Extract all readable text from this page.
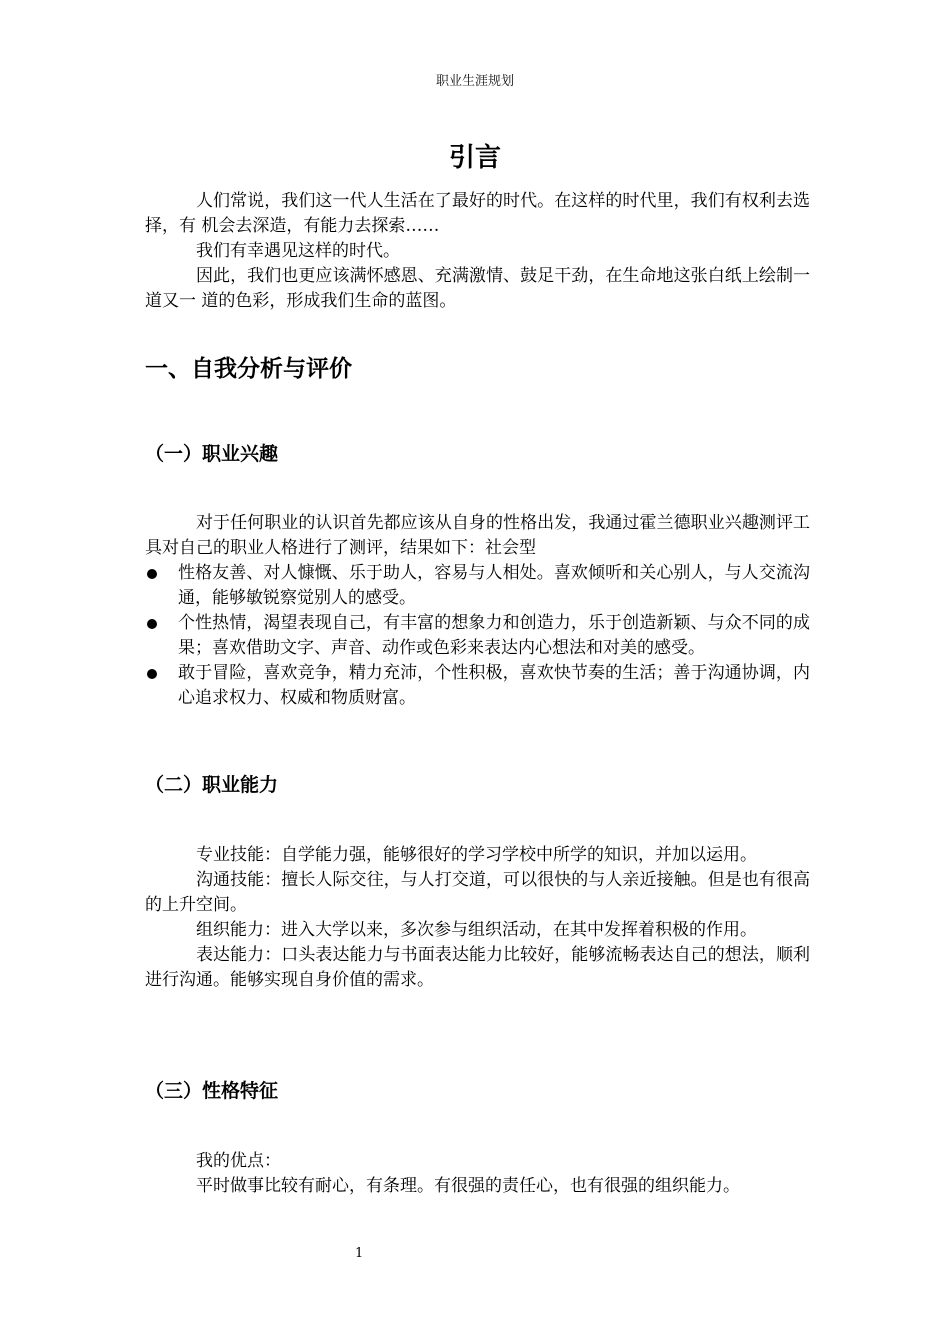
职业生涯规划
引言

人们常说，我们这一代人生活在了最好的时代。在这样的时代里，我们有权利去选择，有 机会去深造，有能力去探索……

我们有幸遇见这样的时代。

因此，我们也更应该满怀感恩、充满激情、鼓足干劲，在生命地这张白纸上绘制一道又一 道的色彩，形成我们生命的蓝图。

一、自我分析与评价
（一）职业兴趣

对于任何职业的认识首先都应该从自身的性格出发，我通过霍兰德职业兴趣测评工具对自己的职业人格进行了测评，结果如下：社会型

性格友善、对人慷慨、乐于助人，容易与人相处。喜欢倾听和关心别人，与人交流沟通，能够敏锐察觉别人的感受。
个性热情，渴望表现自己，有丰富的想象力和创造力，乐于创造新颖、与众不同的成果；喜欢借助文字、声音、动作或色彩来表达内心想法和对美的感受。
敢于冒险，喜欢竞争，精力充沛，个性积极，喜欢快节奏的生活；善于沟通协调，内心追求权力、权威和物质财富。
（二）职业能力

专业技能：自学能力强，能够很好的学习学校中所学的知识，并加以运用。

沟通技能：擅长人际交往，与人打交道，可以很快的与人亲近接触。但是也有很高的上升空间。

组织能力：进入大学以来，多次参与组织活动，在其中发挥着积极的作用。

表达能力：口头表达能力与书面表达能力比较好，能够流畅表达自己的想法，顺利进行沟通。能够实现自身价值的需求。

（三）性格特征

我的优点：

平时做事比较有耐心，有条理。有很强的责任心，也有很强的组织能力。

1
